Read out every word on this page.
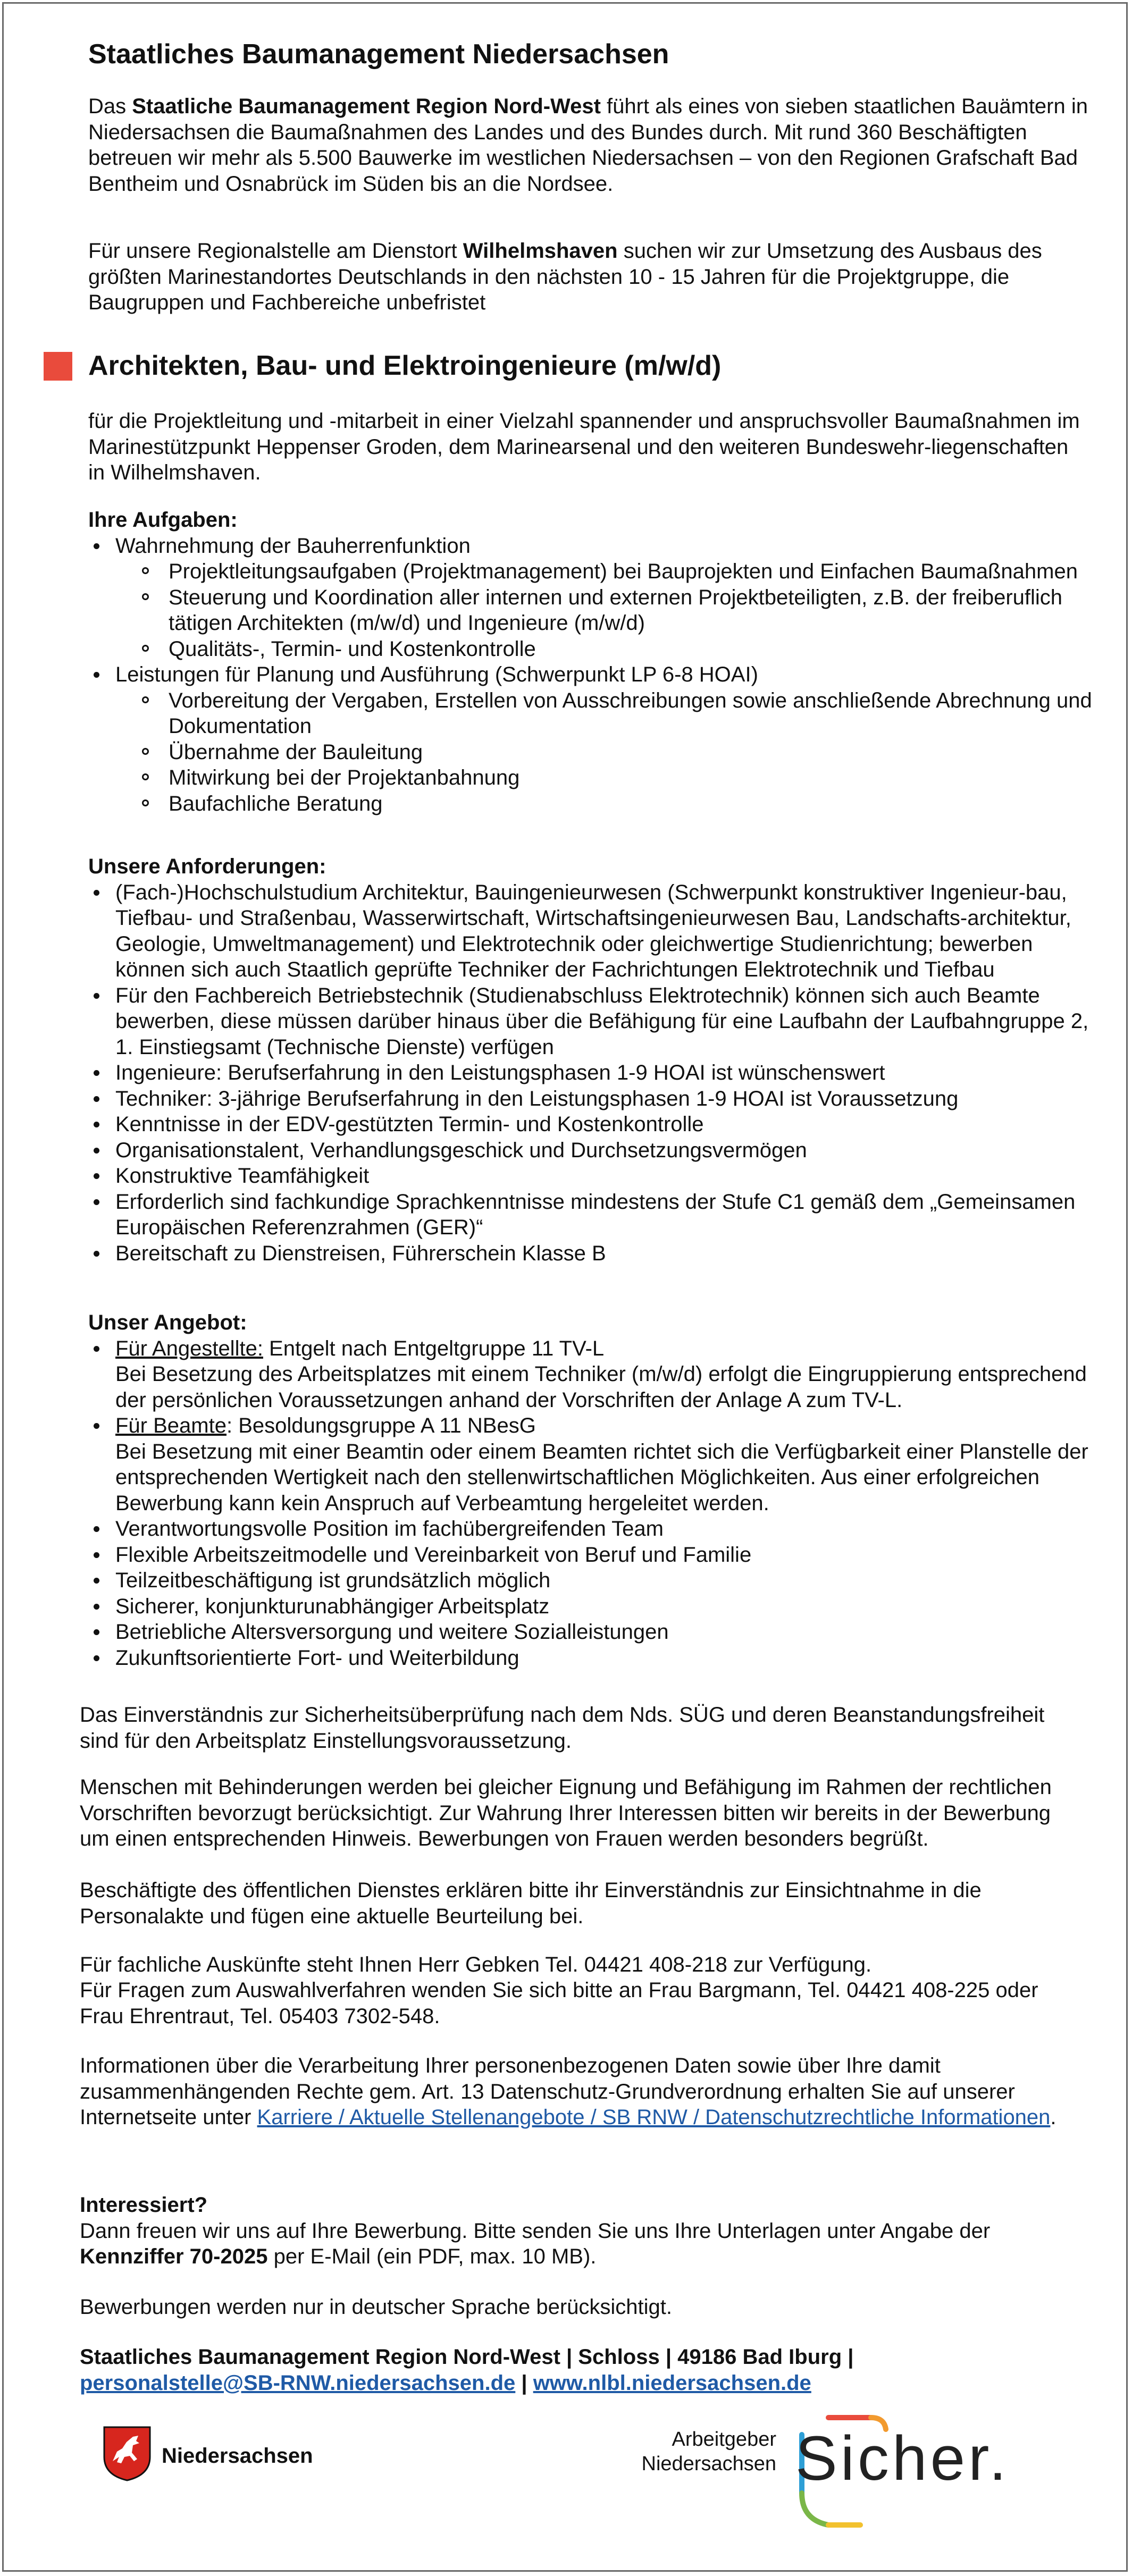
Staatliches Baumanagement Niedersachsen
Das Staatliche Baumanagement Region Nord-West führt als eines von sieben staatlichen Bauämtern in Niedersachsen die Baumaßnahmen des Landes und des Bundes durch. Mit rund 360 Beschäftigten betreuen wir mehr als 5.500 Bauwerke im westlichen Niedersachsen – von den Regionen Grafschaft Bad Bentheim und Osnabrück im Süden bis an die Nordsee.
Für unsere Regionalstelle am Dienstort Wilhelmshaven suchen wir zur Umsetzung des Ausbaus des größten Marinestandortes Deutschlands in den nächsten 10 - 15 Jahren für die Projektgruppe, die Baugruppen und Fachbereiche unbefristet
Architekten, Bau- und Elektroingenieure (m/w/d)
für die Projektleitung und -mitarbeit in einer Vielzahl spannender und anspruchsvoller Baumaßnahmen im Marinestützpunkt Heppenser Groden, dem Marinearsenal und den weiteren Bundeswehr-liegenschaften in Wilhelmshaven.
Ihre Aufgaben:
Wahrnehmung der Bauherrenfunktion
Projektleitungsaufgaben (Projektmanagement) bei Bauprojekten und Einfachen Baumaßnahmen
Steuerung und Koordination aller internen und externen Projektbeteiligten, z.B. der freiberuflich tätigen Architekten (m/w/d) und Ingenieure (m/w/d)
Qualitäts-, Termin- und Kostenkontrolle
Leistungen für Planung und Ausführung (Schwerpunkt LP 6-8 HOAI)
Vorbereitung der Vergaben, Erstellen von Ausschreibungen sowie anschließende Abrechnung und Dokumentation
Übernahme der Bauleitung
Mitwirkung bei der Projektanbahnung
Baufachliche Beratung
Unsere Anforderungen:
(Fach-)Hochschulstudium Architektur, Bauingenieurwesen (Schwerpunkt konstruktiver Ingenieur-bau, Tiefbau- und Straßenbau, Wasserwirtschaft, Wirtschaftsingenieurwesen Bau, Landschafts-architektur, Geologie, Umweltmanagement) und Elektrotechnik oder gleichwertige Studienrichtung; bewerben können sich auch Staatlich geprüfte Techniker der Fachrichtungen Elektrotechnik und Tiefbau
Für den Fachbereich Betriebstechnik (Studienabschluss Elektrotechnik) können sich auch Beamte bewerben, diese müssen darüber hinaus über die Befähigung für eine Laufbahn der Laufbahngruppe 2, 1. Einstiegsamt (Technische Dienste) verfügen
Ingenieure: Berufserfahrung in den Leistungsphasen 1-9 HOAI ist wünschenswert
Techniker: 3-jährige Berufserfahrung in den Leistungsphasen 1-9 HOAI ist Voraussetzung
Kenntnisse in der EDV-gestützten Termin- und Kostenkontrolle
Organisationstalent, Verhandlungsgeschick und Durchsetzungsvermögen
Konstruktive Teamfähigkeit
Erforderlich sind fachkundige Sprachkenntnisse mindestens der Stufe C1 gemäß dem „Gemeinsamen Europäischen Referenzrahmen (GER)“
Bereitschaft zu Dienstreisen, Führerschein Klasse B
Unser Angebot:
Für Angestellte: Entgelt nach Entgeltgruppe 11 TV-L
Bei Besetzung des Arbeitsplatzes mit einem Techniker (m/w/d) erfolgt die Eingruppierung entsprechend der persönlichen Voraussetzungen anhand der Vorschriften der Anlage A zum TV-L.
Für Beamte: Besoldungsgruppe A 11 NBesG
Bei Besetzung mit einer Beamtin oder einem Beamten richtet sich die Verfügbarkeit einer Planstelle der entsprechenden Wertigkeit nach den stellenwirtschaftlichen Möglichkeiten. Aus einer erfolgreichen Bewerbung kann kein Anspruch auf Verbeamtung hergeleitet werden.
Verantwortungsvolle Position im fachübergreifenden Team
Flexible Arbeitszeitmodelle und Vereinbarkeit von Beruf und Familie
Teilzeitbeschäftigung ist grundsätzlich möglich
Sicherer, konjunkturunabhängiger Arbeitsplatz
Betriebliche Altersversorgung und weitere Sozialleistungen
Zukunftsorientierte Fort- und Weiterbildung
Das Einverständnis zur Sicherheitsüberprüfung nach dem Nds. SÜG und deren Beanstandungsfreiheit sind für den Arbeitsplatz Einstellungsvoraussetzung.
Menschen mit Behinderungen werden bei gleicher Eignung und Befähigung im Rahmen der rechtlichen Vorschriften bevorzugt berücksichtigt. Zur Wahrung Ihrer Interessen bitten wir bereits in der Bewerbung um einen entsprechenden Hinweis. Bewerbungen von Frauen werden besonders begrüßt.
Beschäftigte des öffentlichen Dienstes erklären bitte ihr Einverständnis zur Einsichtnahme in die Personalakte und fügen eine aktuelle Beurteilung bei.
Für fachliche Auskünfte steht Ihnen Herr Gebken Tel. 04421 408-218 zur Verfügung.
Für Fragen zum Auswahlverfahren wenden Sie sich bitte an Frau Bargmann, Tel. 04421 408-225 oder Frau Ehrentraut, Tel. 05403 7302-548.
Informationen über die Verarbeitung Ihrer personenbezogenen Daten sowie über Ihre damit zusammenhängenden Rechte gem. Art. 13 Datenschutz-Grundverordnung erhalten Sie auf unserer Internetseite unter Karriere / Aktuelle Stellenangebote / SB RNW / Datenschutzrechtliche Informationen.
Interessiert?
Dann freuen wir uns auf Ihre Bewerbung. Bitte senden Sie uns Ihre Unterlagen unter Angabe der Kennziffer 70-2025 per E-Mail (ein PDF, max. 10 MB).
Bewerbungen werden nur in deutscher Sprache berücksichtigt.
Staatliches Baumanagement Region Nord-West | Schloss | 49186 Bad Iburg |
personalstelle@SB-RNW.niedersachsen.de | www.nlbl.niedersachsen.de
Niedersachsen
Arbeitgeber
Niedersachsen Sicher.
